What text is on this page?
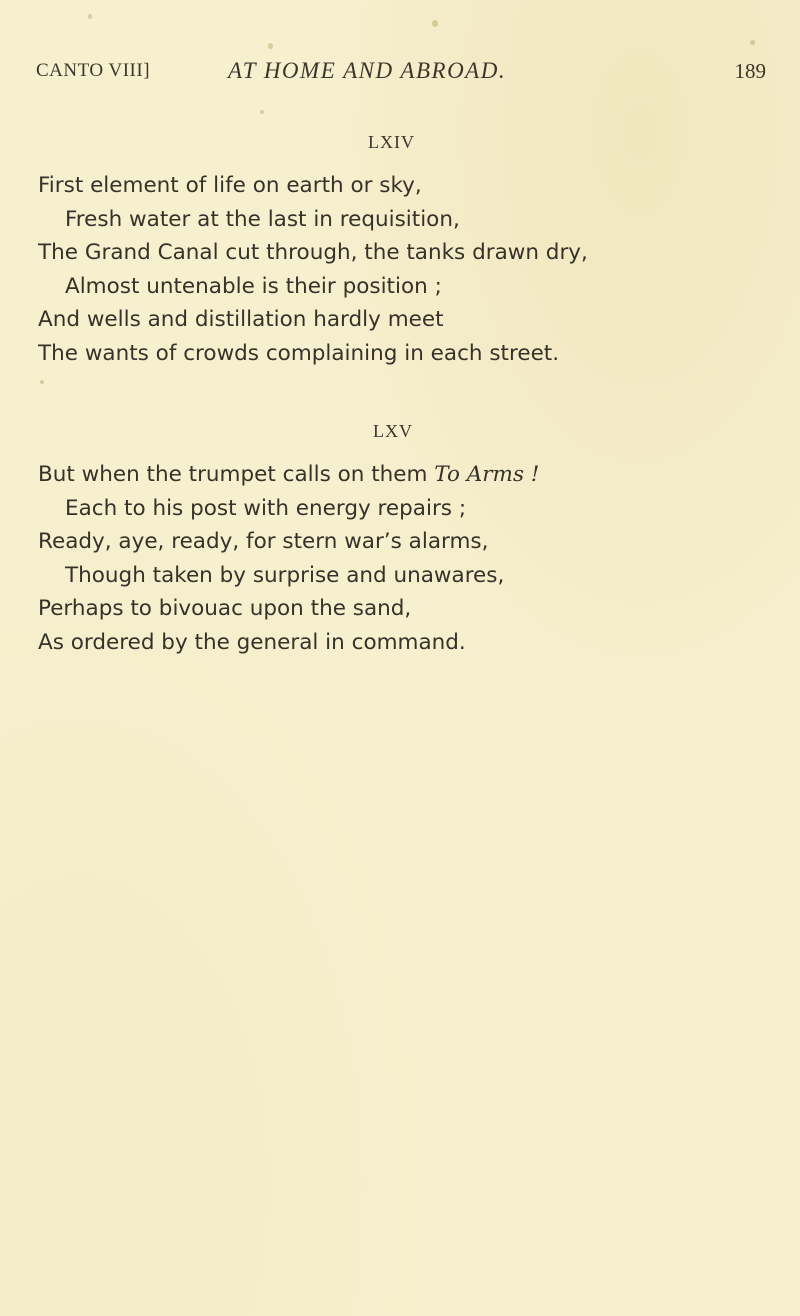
CANTO VIII]	AT HOME AND ABROAD.	189
LXIV
First element of life on earth or sky,
Fresh water at the last in requisition,
The Grand Canal cut through, the tanks drawn dry,
Almost untenable is their position ;
And wells and distillation hardly meet
The wants of crowds complaining in each street.
LXV
But when the trumpet calls on them To Arms !
Each to his post with energy repairs ;
Ready, aye, ready, for stern war’s alarms,
Though taken by surprise and unawares,
Perhaps to bivouac upon the sand,
As ordered by the general in command.
